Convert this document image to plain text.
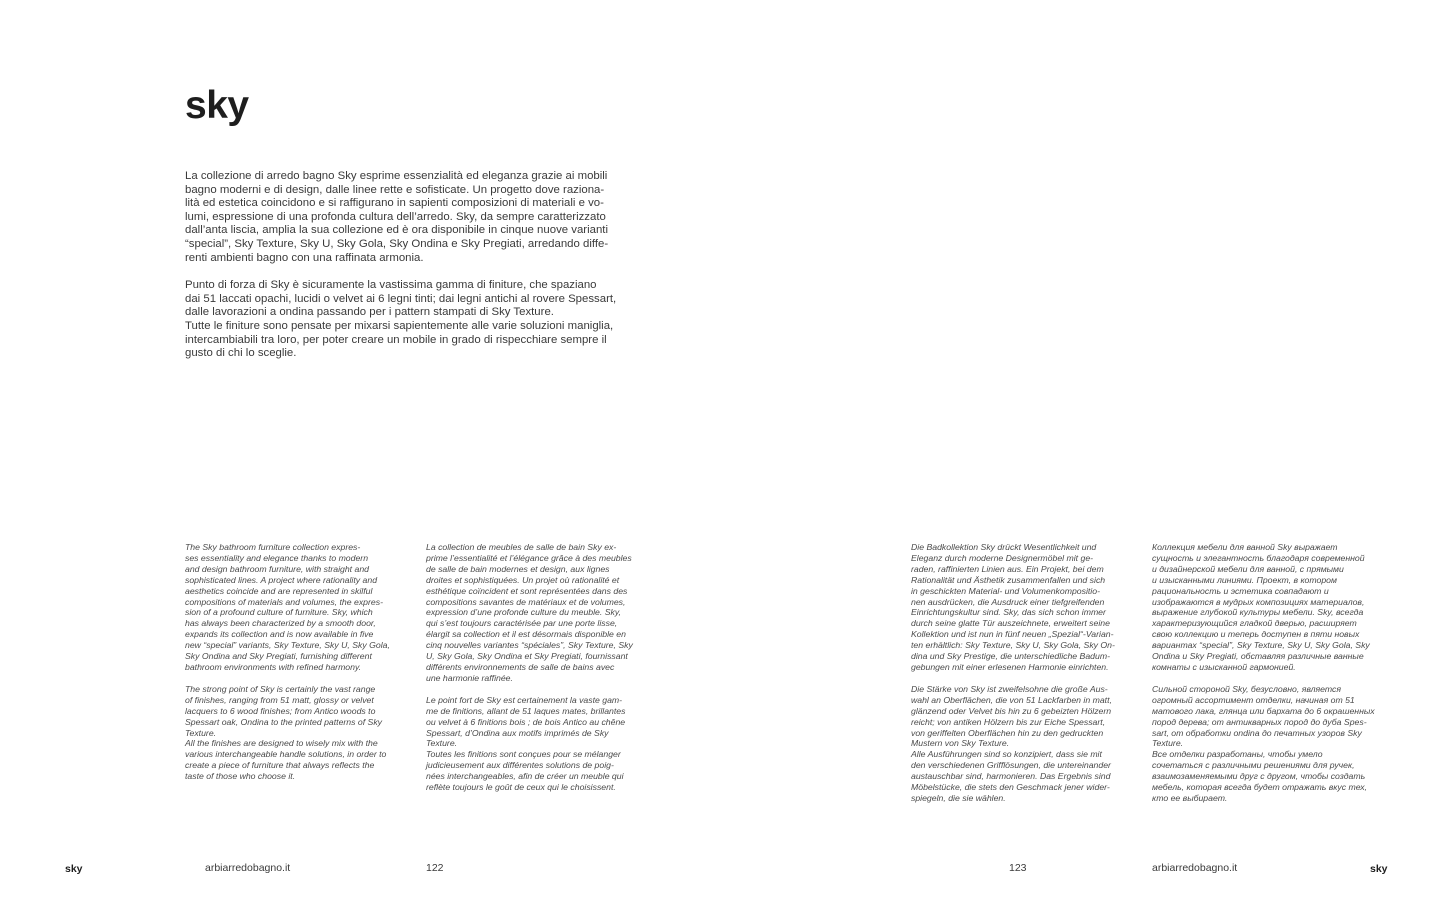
sky

La collezione di arredo bagno Sky esprime essenzialità ed eleganza grazie ai mobili
bagno moderni e di design, dalle linee rette e sofisticate. Un progetto dove raziona-
lità ed estetica coincidono e si raffigurano in sapienti composizioni di materiali e vo-
lumi, espressione di una profonda cultura dell’arredo. Sky, da sempre caratterizzato
dall’anta liscia, amplia la sua collezione ed è ora disponibile in cinque nuove varianti
“special”, Sky Texture, Sky U, Sky Gola, Sky Ondina e Sky Pregiati, arredando diffe-
renti ambienti bagno con una raffinata armonia.

Punto di forza di Sky è sicuramente la vastissima gamma di finiture, che spaziano
dai 51 laccati opachi, lucidi o velvet ai 6 legni tinti; dai legni antichi al rovere Spessart,
dalle lavorazioni a ondina passando per i pattern stampati di Sky Texture.
Tutte le finiture sono pensate per mixarsi sapientemente alle varie soluzioni maniglia,
intercambiabili tra loro, per poter creare un mobile in grado di rispecchiare sempre il
gusto di chi lo sceglie.

The Sky bathroom furniture collection expres-
ses essentiality and elegance thanks to modern
and design bathroom furniture, with straight and
sophisticated lines. A project where rationality and
aesthetics coincide and are represented in skilful
compositions of materials and volumes, the expres-
sion of a profound culture of furniture. Sky, which
has always been characterized by a smooth door,
expands its collection and is now available in five
new “special” variants, Sky Texture, Sky U, Sky Gola,
Sky Ondina and Sky Pregiati, furnishing different
bathroom environments with refined harmony.

The strong point of Sky is certainly the vast range
of finishes, ranging from 51 matt, glossy or velvet
lacquers to 6 wood finishes; from Antico woods to
Spessart oak, Ondina to the printed patterns of Sky
Texture.
All the finishes are designed to wisely mix with the
various interchangeable handle solutions, in order to
create a piece of furniture that always reflects the
taste of those who choose it.

La collection de meubles de salle de bain Sky ex-
prime l’essentialité et l’élégance grâce à des meubles
de salle de bain modernes et design, aux lignes
droites et sophistiquées. Un projet où rationalité et
esthétique coïncident et sont représentées dans des
compositions savantes de matériaux et de volumes,
expression d’une profonde culture du meuble. Sky,
qui s’est toujours caractérisée par une porte lisse,
élargit sa collection et il est désormais disponible en
cinq nouvelles variantes “spéciales”, Sky Texture, Sky
U, Sky Gola, Sky Ondina et Sky Pregiati, fournissant
différents environnements de salle de bains avec
une harmonie raffinée.

Le point fort de Sky est certainement la vaste gam-
me de finitions, allant de 51 laques mates, brillantes
ou velvet à 6 finitions bois ; de bois Antico au chêne
Spessart, d’Ondina aux motifs imprimés de Sky
Texture.
Toutes les finitions sont conçues pour se mélanger
judicieusement aux différentes solutions de poig-
nées interchangeables, afin de créer un meuble qui
reflète toujours le goût de ceux qui le choisissent.

sky	arbiarredobagno.it	122

Die Badkollektion Sky drückt Wesentlichkeit und
Eleganz durch moderne Designermöbel mit ge-
raden, raffinierten Linien aus. Ein Projekt, bei dem
Rationalität und Ästhetik zusammenfallen und sich
in geschickten Material- und Volumenkompositio-
nen ausdrücken, die Ausdruck einer tiefgreifenden
Einrichtungskultur sind. Sky, das sich schon immer
durch seine glatte Tür auszeichnete, erweitert seine
Kollektion und ist nun in fünf neuen „Spezial“-Varian-
ten erhältlich: Sky Texture, Sky U, Sky Gola, Sky On-
dina und Sky Prestige, die unterschiedliche Badum-
gebungen mit einer erlesenen Harmonie einrichten.

Die Stärke von Sky ist zweifelsohne die große Aus-
wahl an Oberflächen, die von 51 Lackfarben in matt,
glänzend oder Velvet bis hin zu 6 gebeizten Hölzern
reicht; von antiken Hölzern bis zur Eiche Spessart,
von geriffelten Oberflächen hin zu den gedruckten
Mustern von Sky Texture.
Alle Ausführungen sind so konzipiert, dass sie mit
den verschiedenen Grifflösungen, die untereinander
austauschbar sind, harmonieren. Das Ergebnis sind
Möbelstücke, die stets den Geschmack jener wider-
spiegeln, die sie wählen.

Коллекция мебели для ванной Sky выражает
сущность и элегантность благодаря современной
и дизайнерской мебели для ванной, с прямыми
и изысканными линиями. Проект, в котором
рациональность и эстетика совпадают и
изображаются в мудрых композициях материалов,
выражение глубокой культуры мебели. Sky, всегда
характеризующийся гладкой дверью, расширяет
свою коллекцию и теперь доступен в пяти новых
вариантах “special”, Sky Texture, Sky U, Sky Gola, Sky
Ondina и Sky Pregiati, обставляя различные ванные
комнаты с изысканной гармонией.

Сильной стороной Sky, безусловно, является
огромный ассортимент отделки, начиная от 51
матового лака, глянца или бархата до 6 окрашенных
пород дерева; от антикварных пород до дуба Spes-
sart, от обработки ondina до печатных узоров Sky
Texture.
Все отделки разработаны, чтобы умело
сочетаться с различными решениями для ручек,
взаимозаменяемыми друг с другом, чтобы создать
мебель, которая всегда будет отражать вкус тех,
кто ее выбирает.

123	arbiarredobagno.it	sky
